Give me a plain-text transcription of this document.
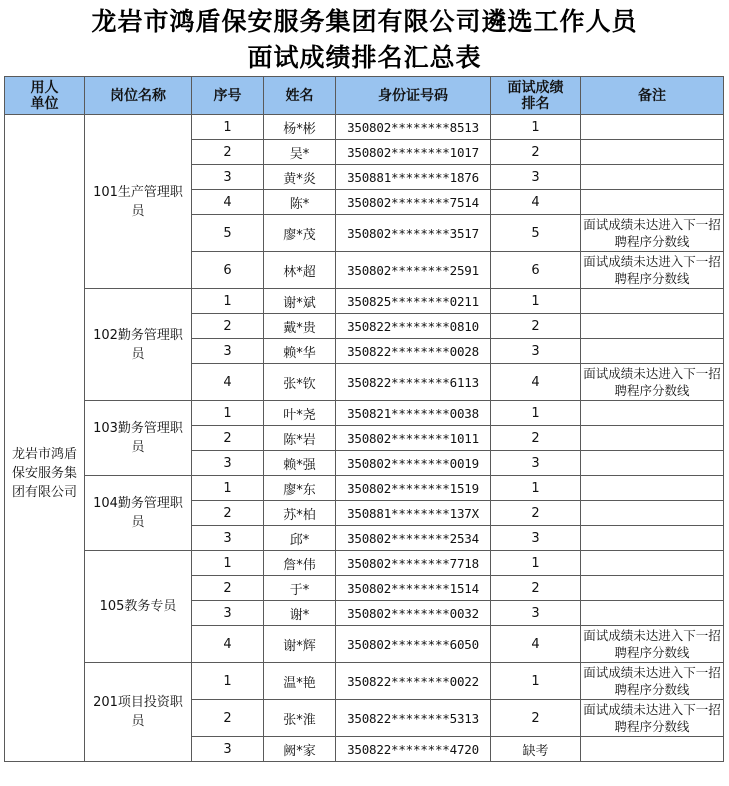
龙岩市鸿盾保安服务集团有限公司遴选工作人员
面试成绩排名汇总表
用人单位	岗位名称	序号	姓名	身份证号码	面试成绩排名	备注
龙岩市鸿盾保安服务集团有限公司	101生产管理职员	1	杨*彬	350802********8513	1	
		2	吴*	350802********1017	2	
		3	黄*炎	350881********1876	3	
		4	陈*	350802********7514	4	
		5	廖*茂	350802********3517	5	面试成绩未达进入下一招聘程序分数线
		6	林*超	350802********2591	6	面试成绩未达进入下一招聘程序分数线
	102勤务管理职员	1	谢*斌	350825********0211	1	
		2	戴*贵	350822********0810	2	
		3	赖*华	350822********0028	3	
		4	张*钦	350822********6113	4	面试成绩未达进入下一招聘程序分数线
	103勤务管理职员	1	叶*尧	350821********0038	1	
		2	陈*岩	350802********1011	2	
		3	赖*强	350802********0019	3	
	104勤务管理职员	1	廖*东	350802********1519	1	
		2	苏*柏	350881********137X	2	
		3	邱*	350802********2534	3	
	105教务专员	1	詹*伟	350802********7718	1	
		2	于*	350802********1514	2	
		3	谢*	350802********0032	3	
		4	谢*辉	350802********6050	4	面试成绩未达进入下一招聘程序分数线
	201项目投资职员	1	温*艳	350822********0022	1	面试成绩未达进入下一招聘程序分数线
		2	张*淮	350822********5313	2	面试成绩未达进入下一招聘程序分数线
		3	阙*家	350822********4720	缺考	
